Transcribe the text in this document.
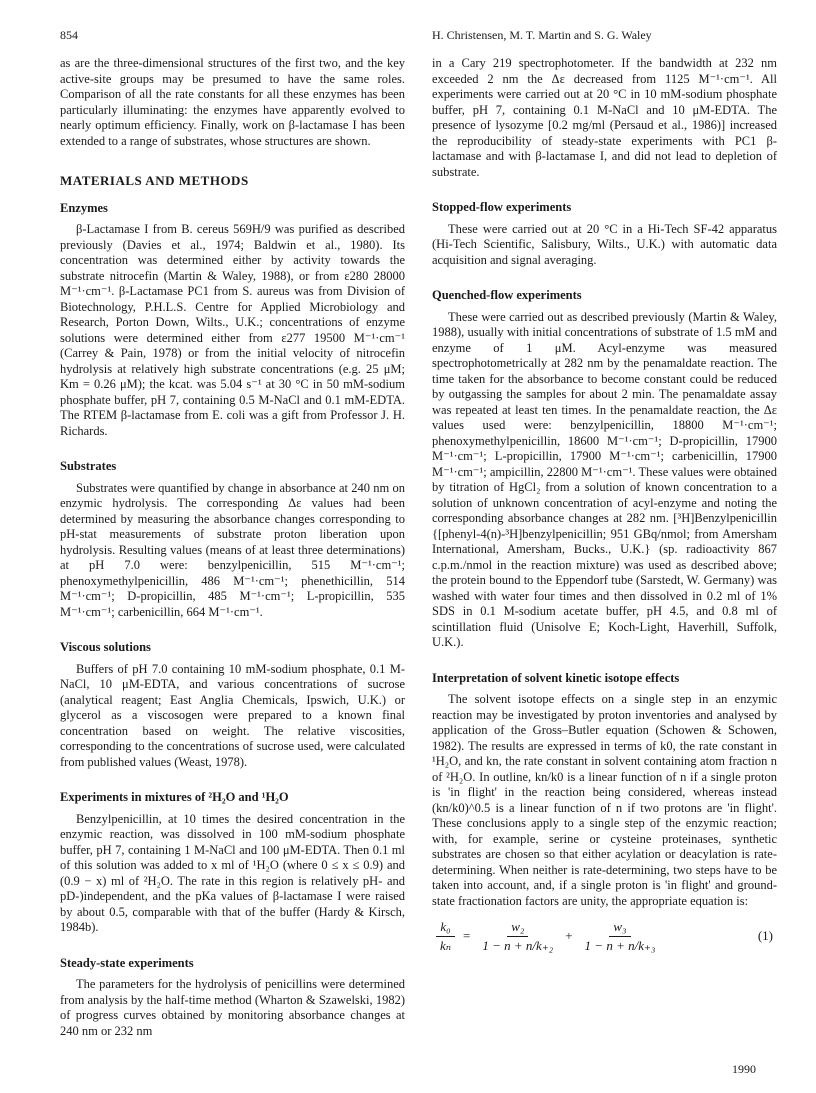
854	H. Christensen, M. T. Martin and S. G. Waley

as are the three-dimensional structures of the first two, and the key active-site groups may be presumed to have the same roles. Comparison of all the rate constants for all these enzymes has been particularly illuminating: the enzymes have apparently evolved to nearly optimum efficiency. Finally, work on β-lactamase I has been extended to a range of substrates, whose structures are shown.

MATERIALS AND METHODS
Enzymes

β-Lactamase I from B. cereus 569H/9 was purified as described previously (Davies et al., 1974; Baldwin et al., 1980). Its concentration was determined either by activity towards the substrate nitrocefin (Martin & Waley, 1988), or from ε280 28000 M⁻¹·cm⁻¹. β-Lactamase PC1 from S. aureus was from Division of Biotechnology, P.H.L.S. Centre for Applied Microbiology and Research, Porton Down, Wilts., U.K.; concentrations of enzyme solutions were determined either from ε277 19500 M⁻¹·cm⁻¹ (Carrey & Pain, 1978) or from the initial velocity of nitrocefin hydrolysis at relatively high substrate concentrations (e.g. 25 μM; Km = 0.26 μM); the kcat. was 5.04 s⁻¹ at 30 °C in 50 mM-sodium phosphate buffer, pH 7, containing 0.5 M-NaCl and 0.1 mM-EDTA. The RTEM β-lactamase from E. coli was a gift from Professor J. H. Richards.

Substrates

Substrates were quantified by change in absorbance at 240 nm on enzymic hydrolysis. The corresponding Δε values had been determined by measuring the absorbance changes corresponding to pH-stat measurements of substrate proton liberation upon hydrolysis. Resulting values (means of at least three determinations) at pH 7.0 were: benzylpenicillin, 515 M⁻¹·cm⁻¹; phenoxymethylpenicillin, 486 M⁻¹·cm⁻¹; phenethicillin, 514 M⁻¹·cm⁻¹; D-propicillin, 485 M⁻¹·cm⁻¹; L-propicillin, 535 M⁻¹·cm⁻¹; carbenicillin, 664 M⁻¹·cm⁻¹.

Viscous solutions

Buffers of pH 7.0 containing 10 mM-sodium phosphate, 0.1 M-NaCl, 10 μM-EDTA, and various concentrations of sucrose (analytical reagent; East Anglia Chemicals, Ipswich, U.K.) or glycerol as a viscosogen were prepared to a known final concentration based on weight. The relative viscosities, corresponding to the concentrations of sucrose used, were calculated from published values (Weast, 1978).

Experiments in mixtures of ²H₂O and ¹H₂O

Benzylpenicillin, at 10 times the desired concentration in the enzymic reaction, was dissolved in 100 mM-sodium phosphate buffer, pH 7, containing 1 M-NaCl and 100 μM-EDTA. Then 0.1 ml of this solution was added to x ml of ¹H₂O (where 0 ≤ x ≤ 0.9) and (0.9 − x) ml of ²H₂O. The rate in this region is relatively pH- and pD-)independent, and the pKa values of β-lactamase I were raised by about 0.5, comparable with that of the buffer (Hardy & Kirsch, 1984b).

Steady-state experiments

The parameters for the hydrolysis of penicillins were determined from analysis by the half-time method (Wharton & Szawelski, 1982) of progress curves obtained by monitoring absorbance changes at 240 nm or 232 nm

in a Cary 219 spectrophotometer. If the bandwidth at 232 nm exceeded 2 nm the Δε decreased from 1125 M⁻¹·cm⁻¹. All experiments were carried out at 20 °C in 10 mM-sodium phosphate buffer, pH 7, containing 0.1 M-NaCl and 10 μM-EDTA. The presence of lysozyme [0.2 mg/ml (Persaud et al., 1986)] increased the reproducibility of steady-state experiments with PC1 β-lactamase and with β-lactamase I, and did not lead to depletion of substrate.

Stopped-flow experiments

These were carried out at 20 °C in a Hi-Tech SF-42 apparatus (Hi-Tech Scientific, Salisbury, Wilts., U.K.) with automatic data acquisition and signal averaging.

Quenched-flow experiments

These were carried out as described previously (Martin & Waley, 1988), usually with initial concentrations of substrate of 1.5 mM and enzyme of 1 μM. Acyl-enzyme was measured spectrophotometrically at 282 nm by the penamaldate reaction. The time taken for the absorbance to become constant could be reduced by outgassing the samples for about 2 min. The penamaldate assay was repeated at least ten times. In the penamaldate reaction, the Δε values used were: benzylpenicillin, 18800 M⁻¹·cm⁻¹; phenoxymethylpenicillin, 18600 M⁻¹·cm⁻¹; D-propicillin, 17900 M⁻¹·cm⁻¹; L-propicillin, 17900 M⁻¹·cm⁻¹; carbenicillin, 17900 M⁻¹·cm⁻¹; ampicillin, 22800 M⁻¹·cm⁻¹. These values were obtained by titration of HgCl₂ from a solution of known concentration to a solution of unknown concentration of acyl-enzyme and noting the corresponding absorbance changes at 282 nm. [³H]Benzylpenicillin {[phenyl-4(n)-³H]benzylpenicillin; 951 GBq/nmol; from Amersham International, Amersham, Bucks., U.K.} (sp. radioactivity 867 c.p.m./nmol in the reaction mixture) was used as described above; the protein bound to the Eppendorf tube (Sarstedt, W. Germany) was washed with water four times and then dissolved in 0.2 ml of 1% SDS in 0.1 M-sodium acetate buffer, pH 4.5, and 0.8 ml of scintillation fluid (Unisolve E; Koch-Light, Haverhill, Suffolk, U.K.).

Interpretation of solvent kinetic isotope effects

The solvent isotope effects on a single step in an enzymic reaction may be investigated by proton inventories and analysed by application of the Gross–Butler equation (Schowen & Schowen, 1982). The results are expressed in terms of k0, the rate constant in ¹H₂O, and kn, the rate constant in solvent containing atom fraction n of ²H₂O. In outline, kn/k0 is a linear function of n if a single proton is 'in flight' in the reaction being considered, whereas instead (kn/k0)^0.5 is a linear function of n if two protons are 'in flight'. These conclusions apply to a single step of the enzymic reaction; with, for example, serine or cysteine proteinases, synthetic substrates are chosen so that either acylation or deacylation is rate-determining. When neither is rate-determining, two steps have to be taken into account, and, if a single proton is 'in flight' and ground-state fractionation factors are unity, the appropriate equation is:

$\frac{\text{k₀}}{\text{kₙ}} = \frac{\text{w₂}}{\text{1 − n + n/k₊₂}} + \frac{\text{w₃}}{\text{1 − n + n/k₊₃}}$	(1)
1990
